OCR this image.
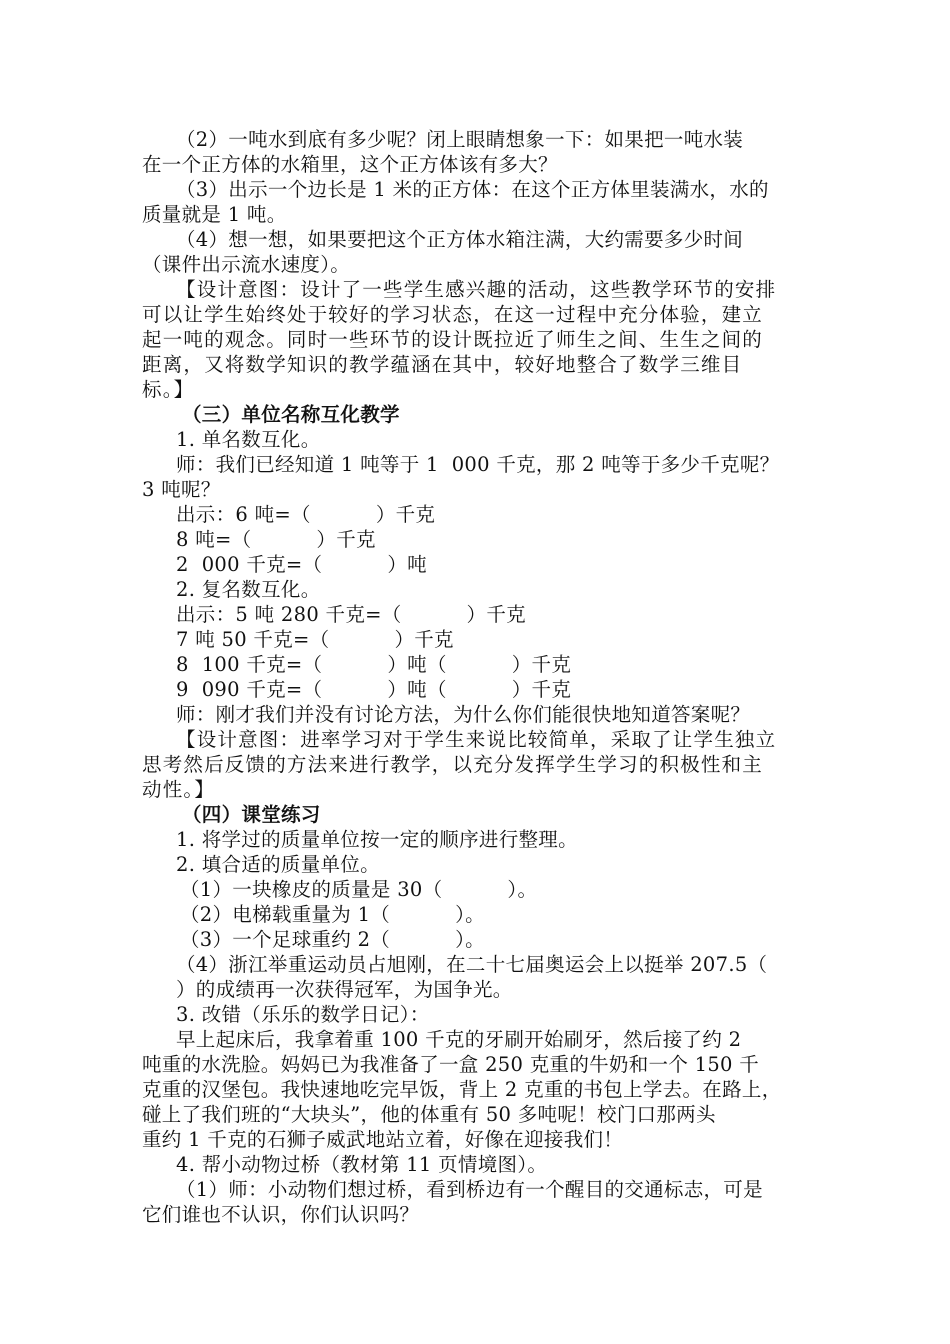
（2）一吨水到底有多少呢？闭上眼睛想象一下：如果把一吨水装
在一个正方体的水箱里，这个正方体该有多大？
（3）出示一个边长是 1 米的正方体：在这个正方体里装满水，水的
质量就是 1 吨。
（4）想一想，如果要把这个正方体水箱注满，大约需要多少时间
（课件出示流水速度）。
【设计意图：设计了一些学生感兴趣的活动，这些教学环节的安排
可以让学生始终处于较好的学习状态，在这一过程中充分体验，建立
起一吨的观念。同时一些环节的设计既拉近了师生之间、生生之间的
距离，又将数学知识的教学蕴涵在其中，较好地整合了数学三维目
标。】
（三）单位名称互化教学
1. 单名数互化。
师：我们已经知道 1 吨等于 1  000 千克，那 2 吨等于多少千克呢？
3 吨呢？
出示：6 吨=（          ）千克
8 吨=（          ）千克
2  000 千克=（          ）吨
2. 复名数互化。
出示：5 吨 280 千克=（          ）千克
7 吨 50 千克=（          ）千克
8  100 千克=（          ）吨（          ）千克
9  090 千克=（          ）吨（          ）千克
师：刚才我们并没有讨论方法，为什么你们能很快地知道答案呢？
【设计意图：进率学习对于学生来说比较简单，采取了让学生独立
思考然后反馈的方法来进行教学，以充分发挥学生学习的积极性和主
动性。】
（四）课堂练习
1. 将学过的质量单位按一定的顺序进行整理。
2. 填合适的质量单位。
（1）一块橡皮的质量是 30（          ）。
（2）电梯载重量为 1（          ）。
（3）一个足球重约 2（          ）。
（4）浙江举重运动员占旭刚，在二十七届奥运会上以挺举 207.5（
）的成绩再一次获得冠军，为国争光。
3. 改错（乐乐的数学日记）：
早上起床后，我拿着重 100 千克的牙刷开始刷牙，然后接了约 2
吨重的水洗脸。妈妈已为我准备了一盒 250 克重的牛奶和一个 150 千
克重的汉堡包。我快速地吃完早饭，背上 2 克重的书包上学去。在路上，
碰上了我们班的“大块头”，他的体重有 50 多吨呢！校门口那两头
重约 1 千克的石狮子威武地站立着，好像在迎接我们！
4. 帮小动物过桥（教材第 11 页情境图）。
（1）师：小动物们想过桥，看到桥边有一个醒目的交通标志，可是
它们谁也不认识，你们认识吗？
